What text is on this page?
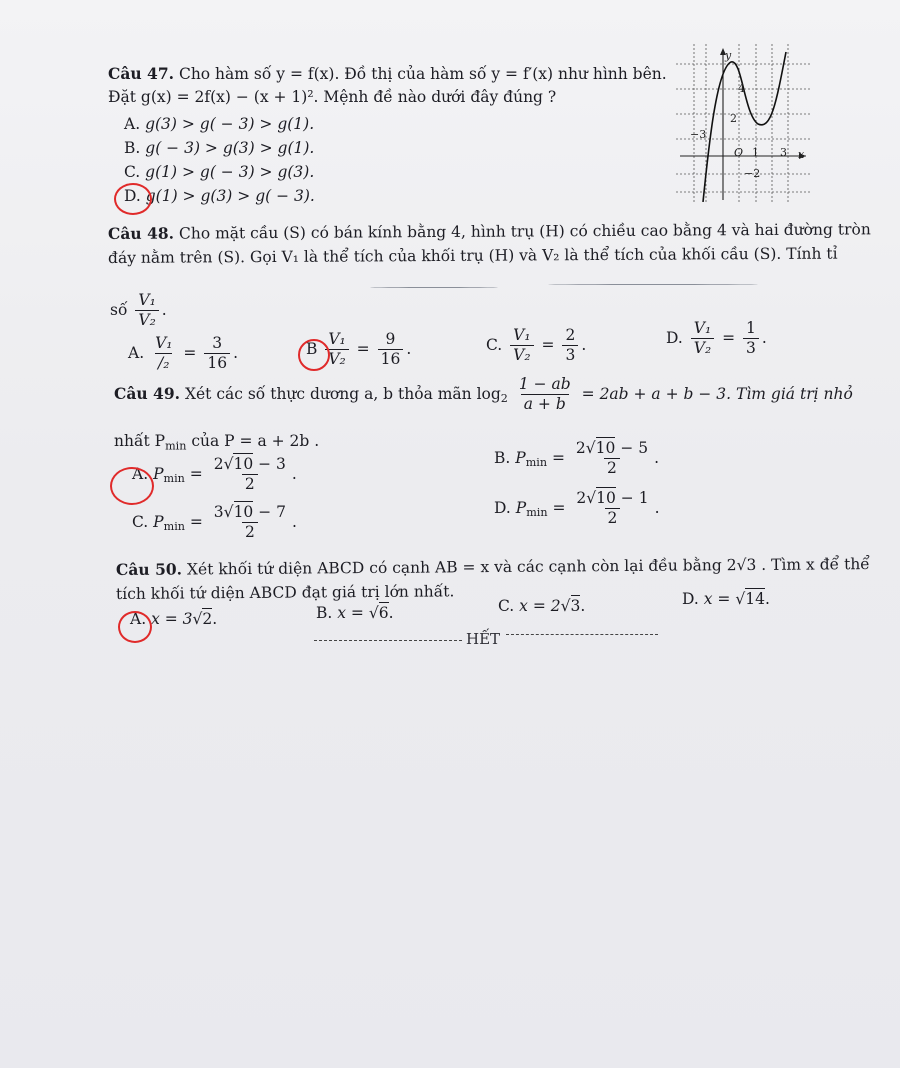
Câu 47. Cho hàm số y = f(x). Đồ thị của hàm số y = f′(x) như hình bên.
Đặt g(x) = 2f(x) − (x + 1)². Mệnh đề nào dưới đây đúng ?
A. g(3) > g( − 3) > g(1).
B. g( − 3) > g(3) > g(1).
C. g(1) > g( − 3) > g(3).
D. g(1) > g(3) > g( − 3).
y
x
O
4
2
−2
−3
1 3
Câu 48. Cho mặt cầu (S) có bán kính bằng 4, hình trụ (H) có chiều cao bằng 4 và hai đường tròn
đáy nằm trên (S). Gọi V₁ là thể tích của khối trụ (H) và V₂ là thể tích của khối cầu (S). Tính tỉ
số $\frac{\text{V₁}}{\text{V₂}}$ .
A. $\frac{\text{V₁}}{\text{/₂}} = \frac{3}{16}$ .	B $\frac{\text{V₁}}{\text{V₂}} = \frac{9}{16}$ .	C. $\frac{\text{V₁}}{\text{V₂}} = \frac{2}{3}$ .	D. $\frac{\text{V₁}}{\text{V₂}} = \frac{1}{3}$ .
Câu 49. Xét các số thực dương a, b thỏa mãn $\log_2 \frac{1 - ab}{a + b} = 2ab + a + b - 3$. Tìm giá trị nhỏ
nhất $P_{min}$ của P = a + 2b .
A. $P_{min} = \frac{2√10 - 3}{2}$ .
B. $P_{min} = \frac{2√10 - 5}{2}$ .
C. $P_{min} = \frac{3√10 - 7}{2}$ .
D. $P_{min} = \frac{2√10 - 1}{2}$ .
Câu 50. Xét khối tứ diện ABCD có cạnh AB = x và các cạnh còn lại đều bằng 2√3 . Tìm x để thể
tích khối tứ diện ABCD đạt giá trị lớn nhất.
A. x = 3√2.	B. x = √6.	C. x = 2√3.	D. x = √14.
HẾT
